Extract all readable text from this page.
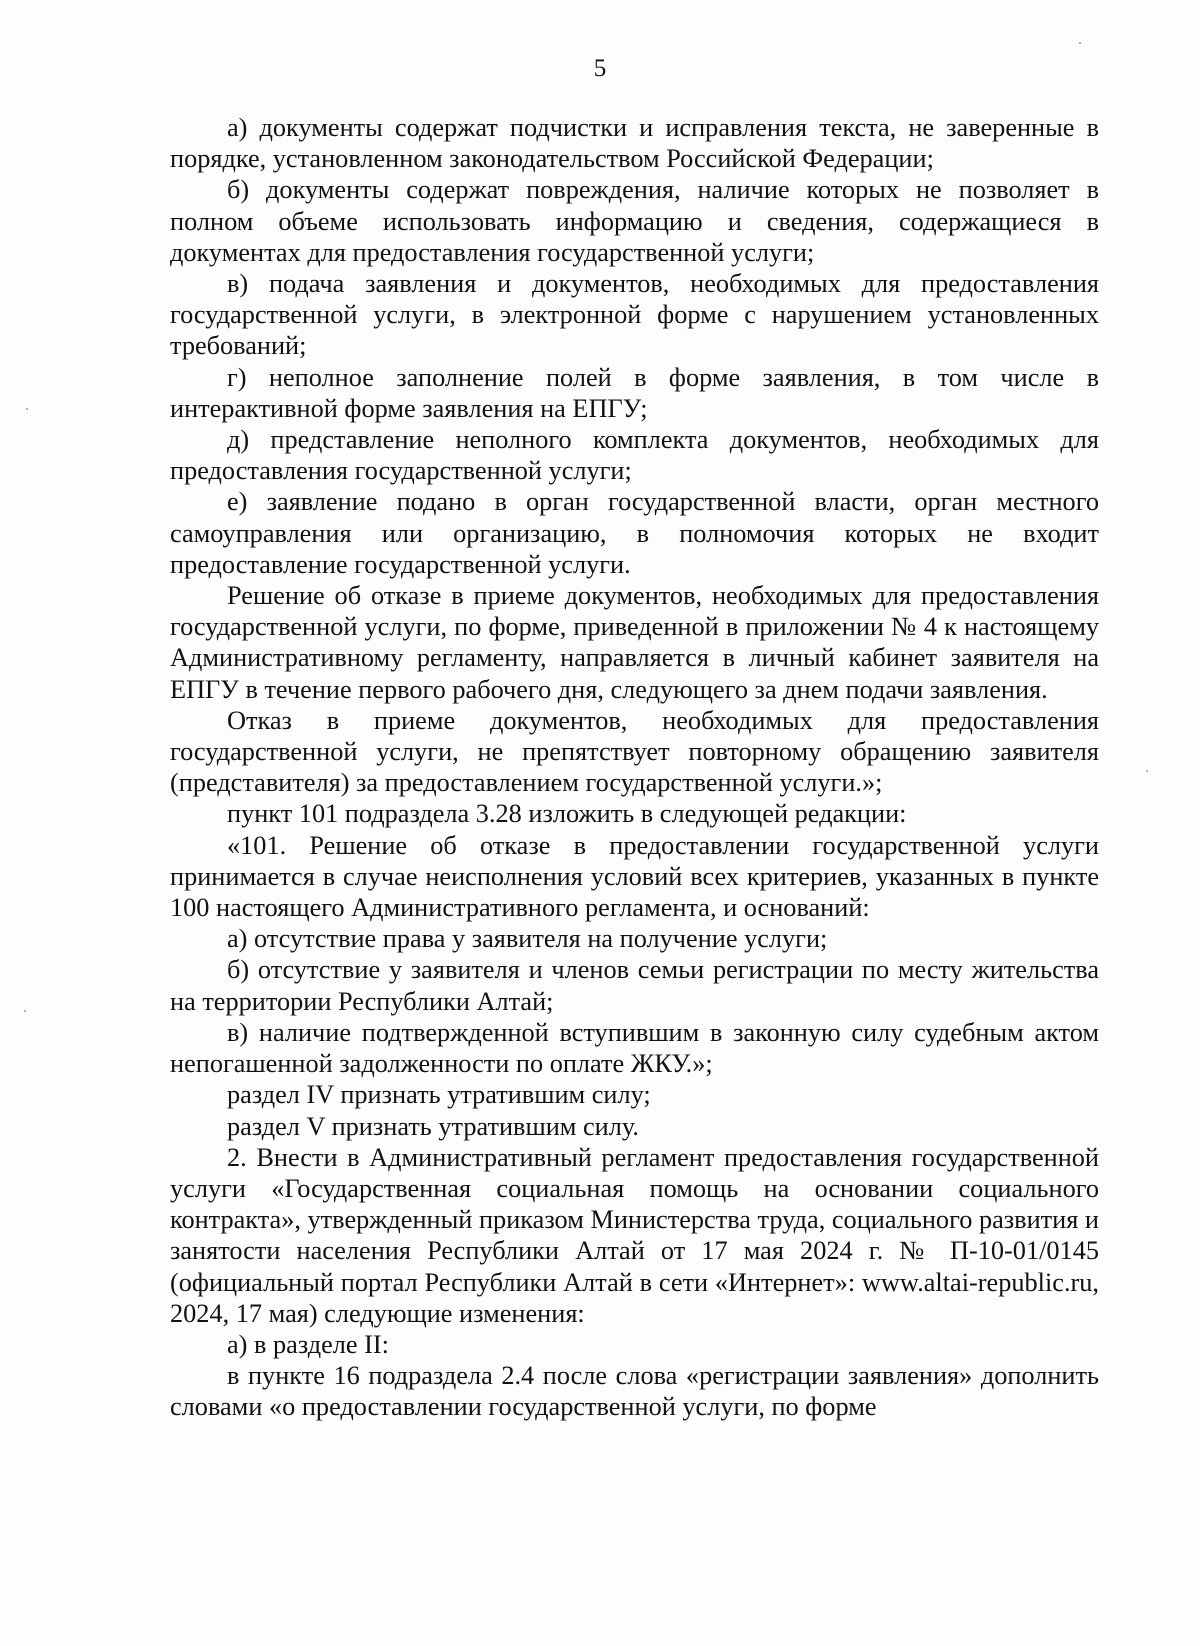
5

а) документы содержат подчистки и исправления текста, не заверенные в порядке, установленном законодательством Российской Федерации;

б) документы содержат повреждения, наличие которых не позволяет в полном объеме использовать информацию и сведения, содержащиеся в документах для предоставления государственной услуги;

в) подача заявления и документов, необходимых для предоставления государственной услуги, в электронной форме с нарушением установленных требований;

г) неполное заполнение полей в форме заявления, в том числе в интерактивной форме заявления на ЕПГУ;

д) представление неполного комплекта документов, необходимых для предоставления государственной услуги;

е) заявление подано в орган государственной власти, орган местного самоуправления или организацию, в полномочия которых не входит предоставление государственной услуги.

Решение об отказе в приеме документов, необходимых для предоставления государственной услуги, по форме, приведенной в приложении № 4 к настоящему Административному регламенту, направляется в личный кабинет заявителя на ЕПГУ в течение первого рабочего дня, следующего за днем подачи заявления.

Отказ в приеме документов, необходимых для предоставления государственной услуги, не препятствует повторному обращению заявителя (представителя) за предоставлением государственной услуги.»;

пункт 101 подраздела 3.28 изложить в следующей редакции:

«101. Решение об отказе в предоставлении государственной услуги принимается в случае неисполнения условий всех критериев, указанных в пункте 100 настоящего Административного регламента, и оснований:

а) отсутствие права у заявителя на получение услуги;

б) отсутствие у заявителя и членов семьи регистрации по месту жительства на территории Республики Алтай;

в) наличие подтвержденной вступившим в законную силу судебным актом непогашенной задолженности по оплате ЖКУ.»;

раздел IV признать утратившим силу;

раздел V признать утратившим силу.

2. Внести в Административный регламент предоставления государственной услуги «Государственная социальная помощь на основании социального контракта», утвержденный приказом Министерства труда, социального развития и занятости населения Республики Алтай от 17 мая 2024 г. № П-10-01/0145 (официальный портал Республики Алтай в сети «Интернет»: www.altai-republic.ru, 2024, 17 мая) следующие изменения:

а) в разделе II:

в пункте 16 подраздела 2.4 после слова «регистрации заявления» дополнить словами «о предоставлении государственной услуги, по форме
